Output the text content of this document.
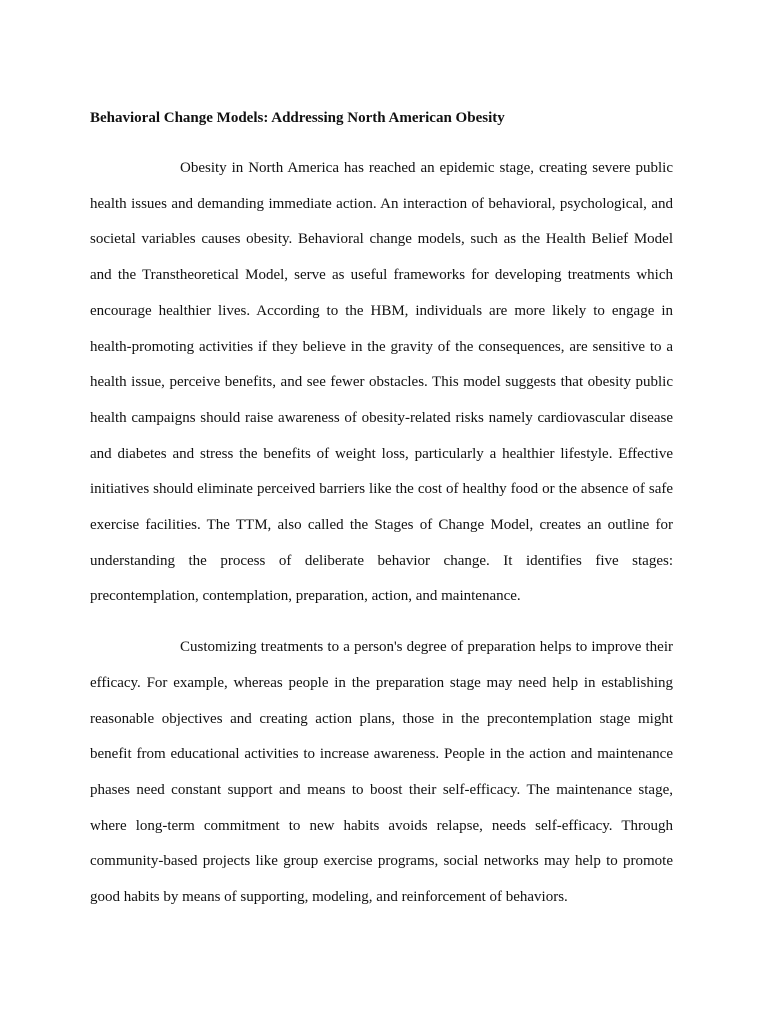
Behavioral Change Models: Addressing North American Obesity

Obesity in North America has reached an epidemic stage, creating severe public health issues and demanding immediate action. An interaction of behavioral, psychological, and societal variables causes obesity. Behavioral change models, such as the Health Belief Model and the Transtheoretical Model, serve as useful frameworks for developing treatments which encourage healthier lives. According to the HBM, individuals are more likely to engage in health-promoting activities if they believe in the gravity of the consequences, are sensitive to a health issue, perceive benefits, and see fewer obstacles. This model suggests that obesity public health campaigns should raise awareness of obesity-related risks namely cardiovascular disease and diabetes and stress the benefits of weight loss, particularly a healthier lifestyle. Effective initiatives should eliminate perceived barriers like the cost of healthy food or the absence of safe exercise facilities. The TTM, also called the Stages of Change Model, creates an outline for understanding the process of deliberate behavior change. It identifies five stages: precontemplation, contemplation, preparation, action, and maintenance.

Customizing treatments to a person's degree of preparation helps to improve their efficacy. For example, whereas people in the preparation stage may need help in establishing reasonable objectives and creating action plans, those in the precontemplation stage might benefit from educational activities to increase awareness. People in the action and maintenance phases need constant support and means to boost their self-efficacy. The maintenance stage, where long-term commitment to new habits avoids relapse, needs self-efficacy. Through community-based projects like group exercise programs, social networks may help to promote good habits by means of supporting, modeling, and reinforcement of behaviors.
